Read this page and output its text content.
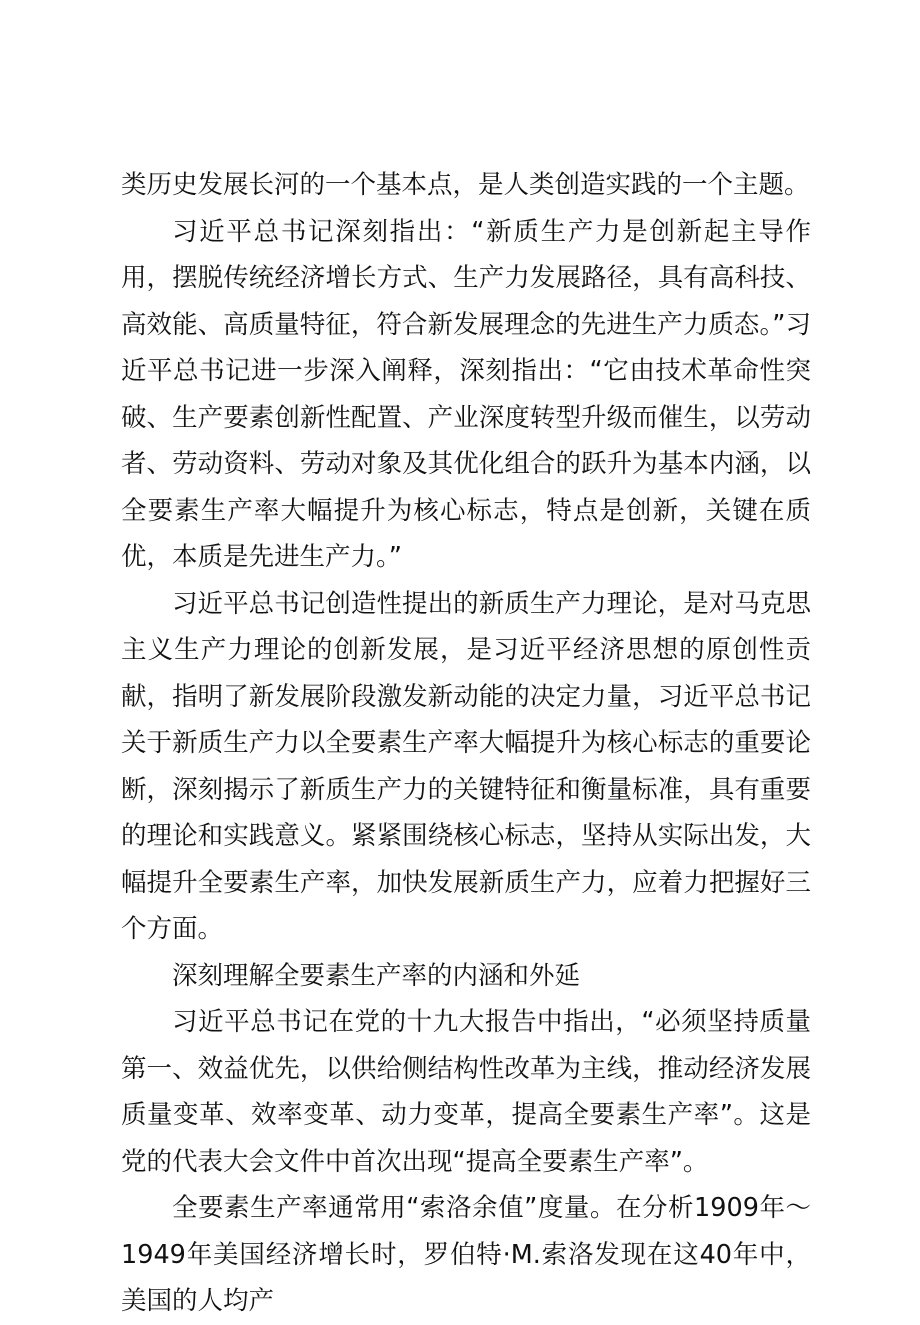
类历史发展长河的一个基本点，是人类创造实践的一个主题。

习近平总书记深刻指出：“新质生产力是创新起主导作用，摆脱传统经济增长方式、生产力发展路径，具有高科技、高效能、高质量特征，符合新发展理念的先进生产力质态。”习近平总书记进一步深入阐释，深刻指出：“它由技术革命性突破、生产要素创新性配置、产业深度转型升级而催生，以劳动者、劳动资料、劳动对象及其优化组合的跃升为基本内涵，以全要素生产率大幅提升为核心标志，特点是创新，关键在质优，本质是先进生产力。”

习近平总书记创造性提出的新质生产力理论，是对马克思主义生产力理论的创新发展，是习近平经济思想的原创性贡献，指明了新发展阶段激发新动能的决定力量，习近平总书记关于新质生产力以全要素生产率大幅提升为核心标志的重要论断，深刻揭示了新质生产力的关键特征和衡量标准，具有重要的理论和实践意义。紧紧围绕核心标志，坚持从实际出发，大幅提升全要素生产率，加快发展新质生产力，应着力把握好三个方面。

深刻理解全要素生产率的内涵和外延

习近平总书记在党的十九大报告中指出，“必须坚持质量第一、效益优先，以供给侧结构性改革为主线，推动经济发展质量变革、效率变革、动力变革，提高全要素生产率”。这是党的代表大会文件中首次出现“提高全要素生产率”。

全要素生产率通常用“索洛余值”度量。在分析1909年～1949年美国经济增长时，罗伯特·M.索洛发现在这40年中，美国的人均产
